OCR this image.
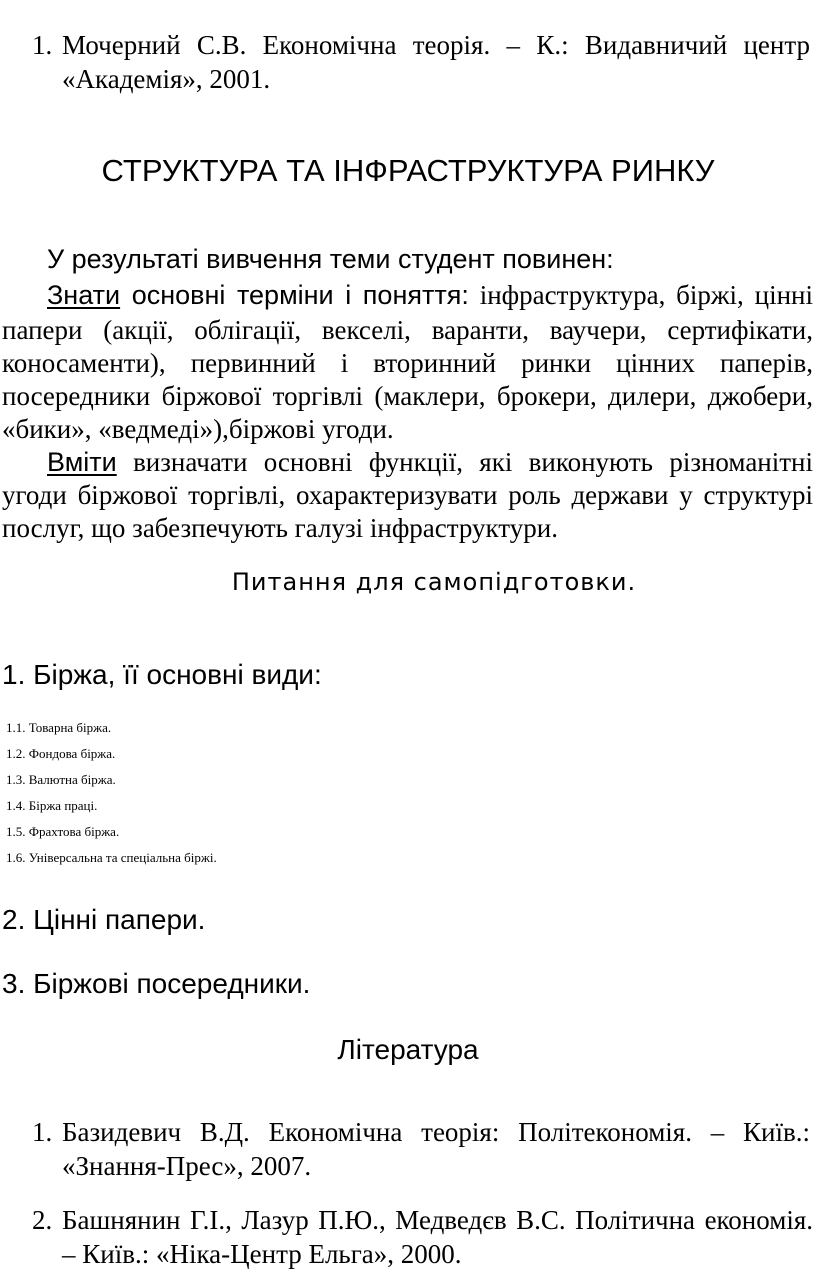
1. Мочерний С.В. Економічна теорія. – К.: Видавничий центр
«Академія», 2001.
СТРУКТУРА ТА ІНФРАСТРУКТУРА РИНКУ
У результаті вивчення теми студент повинен:
Знати основні терміни і поняття: інфраструктура, біржі, цінні
папери (акції, облігації, векселі, варанти, ваучери, сертифікати,
коносаменти), первинний і вторинний ринки цінних паперів,
посередники біржової торгівлі (маклери, брокери, дилери, джобери,
«бики», «ведмеді»),біржові угоди.
Вміти визначати основні функції, які виконують різноманітні
угоди біржової торгівлі, охарактеризувати роль держави у структурі
послуг, що забезпечують галузі інфраструктури.
Питання для самопідготовки.
1. Біржа, її основні види:
1.1. Товарна біржа.
1.2. Фондова біржа.
1.3. Валютна біржа.
1.4. Біржа праці.
1.5. Фрахтова біржа.
1.6. Універсальна та спеціальна біржі.
2. Цінні папери.
3. Біржові посередники.
Література
1. Базидевич В.Д. Економічна теорія: Політекономія. – Київ.:
«Знання-Прес», 2007.
2. Башнянин Г.І., Лазур П.Ю., Медведєв В.С. Політична економія.
– Київ.: «Ніка-Центр Ельга», 2000.
